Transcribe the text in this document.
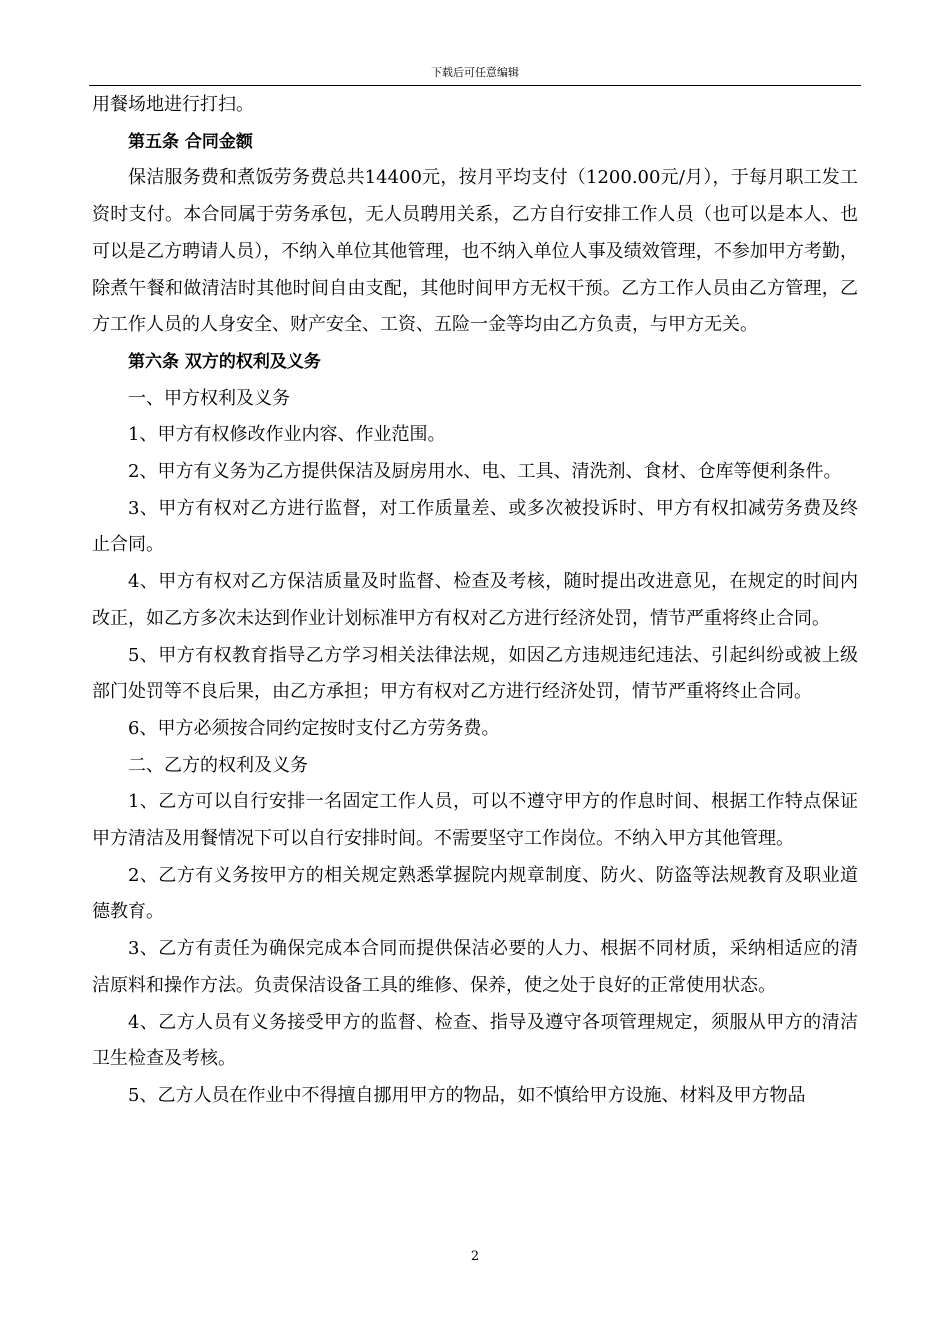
下载后可任意编辑

用餐场地进行打扫。

第五条 合同金额

保洁服务费和煮饭劳务费总共14400元，按月平均支付（1200.00元/月），于每月职工发工资时支付。本合同属于劳务承包，无人员聘用关系，乙方自行安排工作人员（也可以是本人、也可以是乙方聘请人员），不纳入单位其他管理，也不纳入单位人事及绩效管理，不参加甲方考勤，除煮午餐和做清洁时其他时间自由支配，其他时间甲方无权干预。乙方工作人员由乙方管理，乙方工作人员的人身安全、财产安全、工资、五险一金等均由乙方负责，与甲方无关。

第六条 双方的权利及义务

一、甲方权利及义务

1、甲方有权修改作业内容、作业范围。

2、甲方有义务为乙方提供保洁及厨房用水、电、工具、清洗剂、食材、仓库等便利条件。

3、甲方有权对乙方进行监督，对工作质量差、或多次被投诉时、甲方有权扣减劳务费及终止合同。

4、甲方有权对乙方保洁质量及时监督、检查及考核，随时提出改进意见，在规定的时间内改正，如乙方多次未达到作业计划标准甲方有权对乙方进行经济处罚，情节严重将终止合同。

5、甲方有权教育指导乙方学习相关法律法规，如因乙方违规违纪违法、引起纠纷或被上级部门处罚等不良后果，由乙方承担；甲方有权对乙方进行经济处罚，情节严重将终止合同。

6、甲方必须按合同约定按时支付乙方劳务费。

二、乙方的权利及义务

1、乙方可以自行安排一名固定工作人员，可以不遵守甲方的作息时间、根据工作特点保证甲方清洁及用餐情况下可以自行安排时间。不需要坚守工作岗位。不纳入甲方其他管理。

2、乙方有义务按甲方的相关规定熟悉掌握院内规章制度、防火、防盗等法规教育及职业道德教育。

3、乙方有责任为确保完成本合同而提供保洁必要的人力、根据不同材质，采纳相适应的清洁原料和操作方法。负责保洁设备工具的维修、保养，使之处于良好的正常使用状态。

4、乙方人员有义务接受甲方的监督、检查、指导及遵守各项管理规定，须服从甲方的清洁卫生检查及考核。

5、乙方人员在作业中不得擅自挪用甲方的物品，如不慎给甲方设施、材料及甲方物品

2
